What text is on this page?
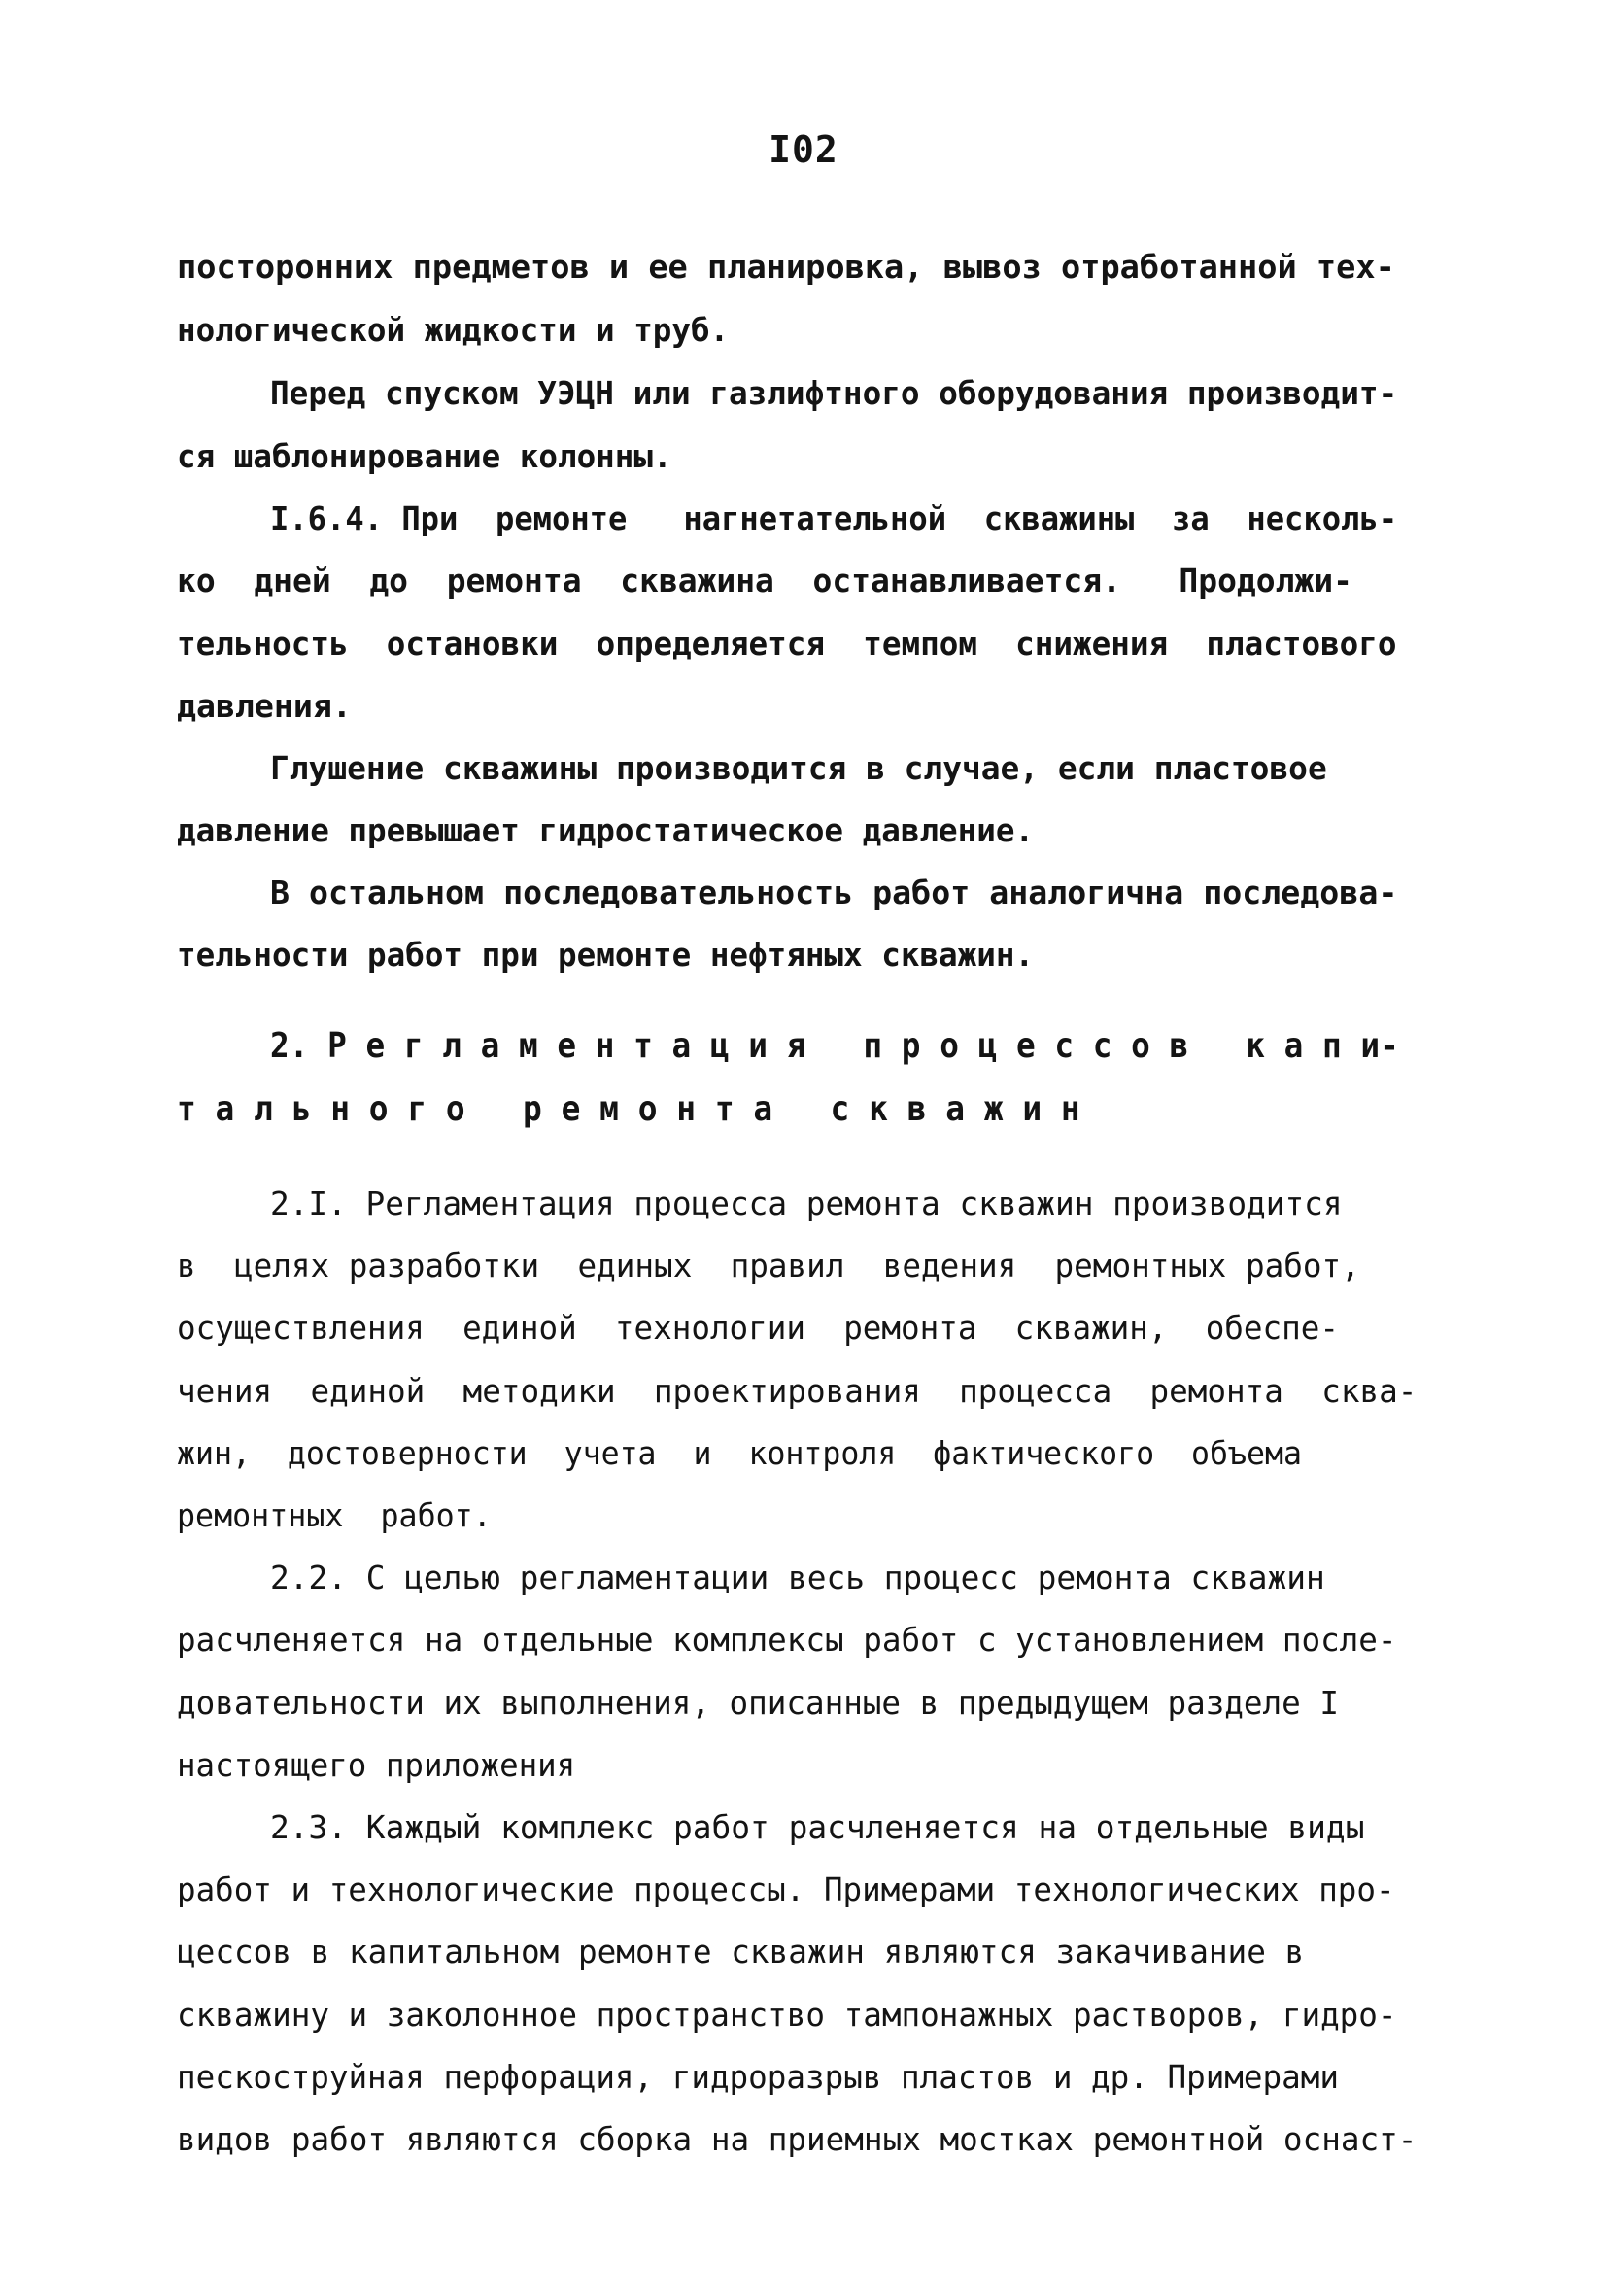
I02
посторонних предметов и ее планировка, вывоз отработанной тех-
нологической жидкости и труб.
Перед спуском УЭЦН или газлифтного оборудования производит-
ся шаблонирование колонны.
I.6.4. При  ремонте   нагнетательной  скважины  за  несколь-
ко  дней  до  ремонта  скважина  останавливается.   Продолжи-
тельность  остановки  определяется  темпом  снижения  пластового
давления.
Глушение скважины производится в случае, если пластовое
давление превышает гидростатическое давление.
В остальном последовательность работ аналогична последова-
тельности работ при ремонте нефтяных скважин.
2. Р е г л а м е н т а ц и я   п р о ц е с с о в   к а п и-
т а л ь н о г о   р е м о н т а   с к в а ж и н
2.I. Регламентация процесса ремонта скважин производится
в  целях разработки  единых  правил  ведения  ремонтных работ,
осуществления  единой  технологии  ремонта  скважин,  обеспе-
чения  единой  методики  проектирования  процесса  ремонта  сква-
жин,  достоверности  учета  и  контроля  фактического  объема
ремонтных  работ.
2.2. С целью регламентации весь процесс ремонта скважин
расчленяется на отдельные комплексы работ с установлением после-
довательности их выполнения, описанные в предыдущем разделе I
настоящего приложения
2.3. Каждый комплекс работ расчленяется на отдельные виды
работ и технологические процессы. Примерами технологических про-
цессов в капитальном ремонте скважин являются закачивание в
скважину и заколонное пространство тампонажных растворов, гидро-
пескоструйная перфорация, гидроразрыв пластов и др. Примерами
видов работ являются сборка на приемных мостках ремонтной оснаст-
